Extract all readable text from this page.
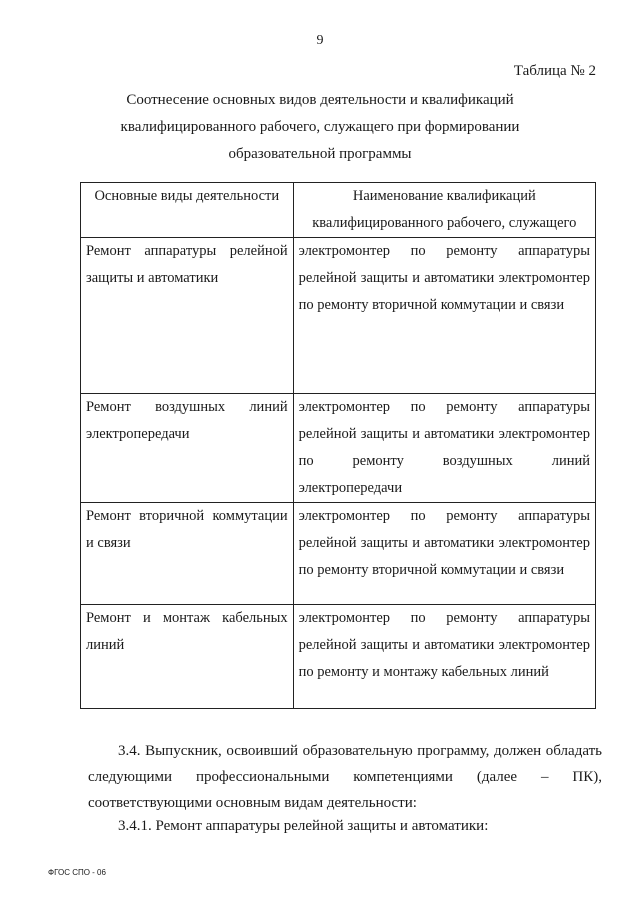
9
Таблица № 2
Соотнесение основных видов деятельности и квалификаций
квалифицированного рабочего, служащего при формировании
образовательной программы
Основные виды деятельности	Наименование квалификаций квалифицированного рабочего, служащего
Ремонт аппаратуры релейной защиты и автоматики	электромонтер по ремонту аппаратуры релейной защиты и автоматики электромонтер по ремонту вторичной коммутации и связи
Ремонт воздушных линий электропередачи	электромонтер по ремонту аппаратуры релейной защиты и автоматики электромонтер по ремонту воздушных линий электропередачи
Ремонт вторичной коммутации и связи	электромонтер по ремонту аппаратуры релейной защиты и автоматики электромонтер по ремонту вторичной коммутации и связи
Ремонт и монтаж кабельных линий	электромонтер по ремонту аппаратуры релейной защиты и автоматики электромонтер по ремонту и монтажу кабельных линий
3.4. Выпускник, освоивший образовательную программу, должен обладать следующими профессиональными компетенциями (далее – ПК), соответствующими основным видам деятельности:
3.4.1. Ремонт аппаратуры релейной защиты и автоматики:
ФГОС СПО - 06
